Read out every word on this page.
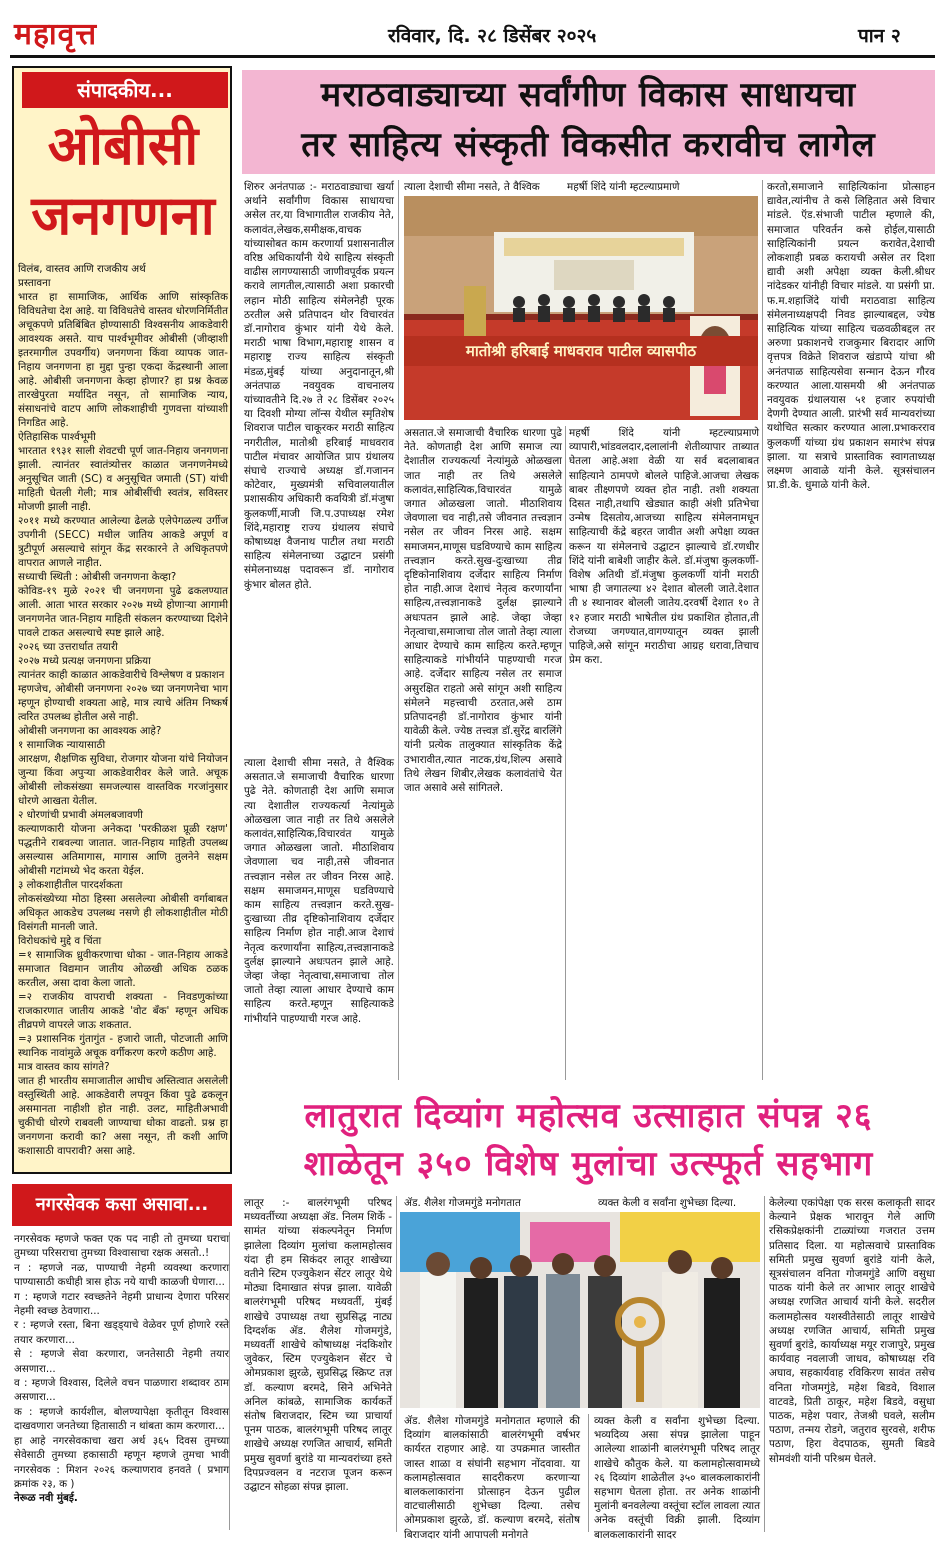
महावृत्त	रविवार, दि. २८ डिसेंबर २०२५	पान २
संपादकीय...
ओबीसी
जनगणना

विलंब, वास्तव आणि राजकीय अर्थ

प्रस्तावना

भारत हा सामाजिक, आर्थिक आणि सांस्कृतिक विविधतेचा देश आहे. या विविधतेचे वास्तव धोरणनिर्मितीत अचूकपणे प्रतिबिंबित होण्यासाठी विश्वसनीय आकडेवारी आवश्यक असते. याच पार्श्वभूमीवर ओबीसी (जीव्हाशी इतरमागील उपवर्गीय) जनगणना किंवा व्यापक जात-निहाय जनगणना हा मुद्दा पुन्हा एकदा केंद्रस्थानी आला आहे. ओबीसी जनगणना केव्हा होणार? हा प्रश्न केवळ तारखेपुरता मर्यादित नसून, तो सामाजिक न्याय, संसाधनांचे वाटप आणि लोकशाहीची गुणवत्ता यांच्याशी निगडित आहे.

ऐतिहासिक पार्श्वभूमी

भारतात १९३१ साली शेवटची पूर्ण जात-निहाय जनगणना झाली. त्यानंतर स्वातंत्र्योत्तर काळात जनगणनेमध्ये अनुसूचित जाती (SC) व अनुसूचित जमाती (ST) यांची माहिती घेतली गेली; मात्र ओबीसींची स्वतंत्र, सविस्तर मोजणी झाली नाही.

२०११ मध्ये करण्यात आलेल्या ढेलळे एलेपेगळल्य उर्गीज उपगीनी (SECC) मधील जातिय आकडे अपूर्ण व त्रुटीपूर्ण असल्याचे सांगून केंद्र सरकारने ते अधिकृतपणे वापरात आणले नाहीत.

सध्याची स्थिती : ओबीसी जनगणना केव्हा?

कोविड-१९ मुळे २०२१ ची जनगणना पुढे ढकलण्यात आली. आता भारत सरकार २०२७ मध्ये होणाऱ्या आगामी जनगणनेत जात-निहाय माहिती संकलन करण्याच्या दिशेने पावले टाकत असल्याचे स्पष्ट झाले आहे.

२०२६ च्या उत्तरार्धात तयारी

२०२७ मध्ये प्रत्यक्ष जनगणना प्रक्रिया

त्यानंतर काही काळात आकडेवारीचे विश्लेषण व प्रकाशन

म्हणजेच, ओबीसी जनगणना २०२७ च्या जनगणनेचा भाग म्हणून होण्याची शक्यता आहे, मात्र त्याचे अंतिम निष्कर्ष त्वरित उपलब्ध होतील असे नाही.

ओबीसी जनगणना का आवश्यक आहे?

१ सामाजिक न्यायासाठी

आरक्षण, शैक्षणिक सुविधा, रोजगार योजना यांचे नियोजन जुन्या किंवा अपुऱ्या आकडेवारीवर केले जाते. अचूक ओबीसी लोकसंख्या समजल्यास वास्तविक गरजांनुसार धोरणे आखता येतील.

२ धोरणांची प्रभावी अंमलबजावणी

कल्याणकारी योजना अनेकदा 'परकीळश प्रूळी रक्षण' पद्धतीने राबवल्या जातात. जात-निहाय माहिती उपलब्ध असल्यास अतिमागास, मागास आणि तुलनेने सक्षम ओबीसी गटांमध्ये भेद करता येईल.

३ लोकशाहीतील पारदर्शकता

लोकसंख्येच्या मोठा हिस्सा असलेल्या ओबीसी वर्गाबाबत अधिकृत आकडेच उपलब्ध नसणे ही लोकशाहीतील मोठी विसंगती मानली जाते.

विरोधकांचे मुद्दे व चिंता

=१ सामाजिक ध्रुवीकरणाचा धोका - जात-निहाय आकडे समाजात विद्यमान जातीय ओळखी अधिक ठळक करतील, असा दावा केला जातो.

=२ राजकीय वापराची शक्यता - निवडणुकांच्या राजकारणात जातीय आकडे 'वोट बँक' म्हणून अधिक तीव्रपणे वापरले जाऊ शकतात.

=३ प्रशासनिक गुंतागुंत - हजारो जाती, पोटजाती आणि स्थानिक नावांमुळे अचूक वर्गीकरण करणे कठीण आहे.

मात्र वास्तव काय सांगते?

जात ही भारतीय समाजातील आधीच अस्तित्वात असलेली वस्तुस्थिती आहे. आकडेवारी लपवून किंवा पुढे ढकलून असमानता नाहीशी होत नाही. उलट, माहितीअभावी चुकीची धोरणे राबवली जाण्याचा धोका वाढतो. प्रश्न हा जनगणना करावी का? असा नसून, ती कशी आणि कशासाठी वापरावी? असा आहे.

नगरसेवक कसा असावा...

नगरसेवक म्हणजे फक्त एक पद नाही तो तुमच्या घराचा तुमच्या परिसराचा तुमच्या विश्वासाचा रक्षक असतो..!

न : म्हणजे नळ, पाण्याची नेहमी व्यवस्था करणारा पाण्यासाठी कधीही त्रास होऊ नये याची काळजी घेणारा...

ग : म्हणजे गटार स्वच्छतेने नेहमी प्राधान्य देणारा परिसर नेहमी स्वच्छ ठेवणारा...

र : म्हणजे रस्ता, बिना खड्ड्याचे वेळेवर पूर्ण होणारे रस्ते तयार करणारा...

से : म्हणजे सेवा करणारा, जनतेसाठी नेहमी तयार असणारा...

व : म्हणजे विश्वास, दिलेले वचन पाळणारा शब्दावर ठाम असणारा...

क : म्हणजे कार्यशील, बोलण्यापेक्षा कृतीतून विश्वास दाखवणारा जनतेच्या हितासाठी न थांबता काम करणारा...

हा आहे नगरसेवकाचा खरा अर्थ ३६५ दिवस तुमच्या सेवेसाठी तुमच्या हकासाठी म्हणून म्हणजे तुमचा भावी नगरसेवक : मिशन २०२६ कल्याणराव हनवते ( प्रभाग क्रमांक २३, क )

नेरूळ नवी मुंबई.

मराठवाड्याच्या सर्वांगीण विकास साधायचा
तर साहित्य संस्कृती विकसीत करावीच लागेल
शिरुर अनंतपाळ :- मराठवाड्याचा खर्या अर्थाने सर्वांगीण विकास साधायचा असेल तर,या विभागातील राजकीय नेते, कलावंत,लेखक,समीक्षक,वाचक यांच्यासोबत काम करणार्या प्रशासनातील वरिष्ठ अधिकार्यांनी येथे साहित्य संस्कृती वाढीस लागण्यासाठी जाणीवपूर्वक प्रयत्न करावे लागतील,त्यासाठी अशा प्रकारची लहान मोठी साहित्य संमेलनेही पूरक ठरतील असे प्रतिपादन थोर विचारवंत डॉ.नागोराव कुंभार यांनी येथे केले. मराठी भाषा विभाग,महाराष्ट्र शासन व महाराष्ट्र राज्य साहित्य संस्कृती मंडळ,मुंबई यांच्या अनुदानातून,श्री अनंतपाळ नवयुवक वाचनालय यांच्यावतीने दि.२७ ते २८ डिसेंबर २०२५ या दिवशी मोग्या लॉन्स येथील स्मृतिशेष शिवराज पाटील चाकूरकर मराठी साहित्य नगरीतील, मातोश्री हरिबाई माधवराव पाटील मंचावर आयोजित प्राप ग्रंथालय संघाचे राज्याचे अध्यक्ष डॉ.गजानन कोटेवार, मुख्यमंत्री सचिवालयातील प्रशासकीय अधिकारी कवयित्री डॉ.मंजुषा कुलकर्णी,माजी जि.प.उपाध्यक्ष रमेश शिंदे,महाराष्ट्र राज्य ग्रंथालय संघाचे कोषाध्यक्ष वैजनाथ पाटील तथा मराठी साहित्य संमेलनाच्या उद्घाटन प्रसंगी संमेलनाध्यक्ष पदावरून डॉ. नागोराव कुंभार बोलत होते.
त्याला देशाची सीमा नसते, ते वैश्विक	महर्षी शिंदे यांनी म्हटल्याप्रमाणे
मातोश्री हरिबाई माधवराव पाटील व्यासपीठ
असतात.जे समाजाची वैचारिक धारणा पुढे नेते. कोणताही देश आणि समाज त्या देशातील राज्यकर्त्या नेत्यांमुळे ओळखला जात नाही तर तिथे असलेले कलावंत,साहित्यिक,विचारवंत यामुळे जगात ओळखला जातो. मीठाशिवाय जेवणाला चव नाही,तसे जीवनात तत्त्वज्ञान नसेल तर जीवन निरस आहे. सक्षम समाजमन,माणूस घडविण्याचे काम साहित्य तत्त्वज्ञान करते.सुख-दुःखाच्या तीव्र दृष्टिकोनाशिवाय दर्जेदार साहित्य निर्माण होत नाही.आज देशाचं नेतृत्व करणार्यांना साहित्य,तत्त्वज्ञानाकडे दुर्लक्ष झाल्याने अधःपतन झाले आहे. जेव्हा जेव्हा नेतृत्वाचा,समाजाचा तोल जातो तेव्हा त्याला आधार देण्याचे काम साहित्य करते.म्हणून साहित्याकडे गांभीर्याने पाहण्याची गरज आहे. दर्जेदार साहित्य नसेल तर समाज असुरक्षित राहतो असे सांगून अशी साहित्य संमेलने महत्त्वाची ठरतात,असे ठाम प्रतिपादनही डॉ.नागोराव कुंभार यांनी यावेळी केले. ज्येष्ठ तत्त्वज्ञ डॉ.सुरेंद्र बारलिंगे यांनी प्रत्येक तालुक्यात सांस्कृतिक केंद्रे उभारावीत,त्यात नाटक,ग्रंथ,शिल्प असावे तिथे लेखन शिबीर,लेखक कलावंतांचे येत जात असावे असे सांगितले.
महर्षी शिंदे यांनी म्हटल्याप्रमाणे व्यापारी,भांडवलदार,दलालांनी शेतीव्यापार ताब्यात घेतला आहे.अशा वेळी या सर्व बदलाबाबत साहित्याने ठामपणे बोलले पाहिजे.आजचा लेखक बाबर तीक्ष्णपणे व्यक्त होत नाही. तशी शक्यता दिसत नाही,तथापि खेड्यात काही अंशी प्रतिभेचा उन्मेष दिसतोय,आजच्या साहित्य संमेलनामधून साहित्याची केंद्रे बहरत जावीत अशी अपेक्षा व्यक्त करून या संमेलनाचे उद्घाटन झाल्याचे डॉ.रणधीर शिंदे यांनी बाबेशी जाहीर केले. डॉ.मंजुषा कुलकर्णी-विशेष अतिथी डॉ.मंजुषा कुलकर्णी यांनी मराठी भाषा ही जगातल्या ४२ देशात बोलली जाते.देशात ती ४ स्थानावर बोलली जातेय.दरवर्षी देशात १० ते १२ हजार मराठी भाषेतील ग्रंथ प्रकाशित होतात,ती रोजच्या जगण्यात,वागण्यातून व्यक्त झाली पाहिजे,असे सांगून मराठीचा आग्रह धरावा,तिचाच प्रेम करा.
करतो,समाजाने साहित्यिकांना प्रोत्साहन द्यावेत,त्यांनीच ते कसे लिहितात असे विचार मांडले. ऍड.संभाजी पाटील म्हणाले की, समाजात परिवर्तन कसे होईल,यासाठी साहित्यिकांनी प्रयत्न करावेत,देशाची लोकशाही प्रबळ करायची असेल तर दिशा द्यावी अशी अपेक्षा व्यक्त केली.श्रीधर नांदेडकर यांनीही विचार मांडले. या प्रसंगी प्रा. फ.म.शहाजिंदे यांची मराठवाडा साहित्य संमेलनाध्यक्षपदी निवड झाल्याबद्दल, ज्येष्ठ साहित्यिक यांच्या साहित्य चळवळीबद्दल तर अरुणा प्रकाशनचे राजकुमार बिरादार आणि वृत्तपत्र विक्रेते शिवराज खंडाप्पे यांचा श्री अनंतपाळ साहित्यसेवा सन्मान देऊन गौरव करण्यात आला.यासमयी श्री अनंतपाळ नवयुवक ग्रंथालयास ५१ हजार रुपयांची देणगी देण्यात आली. प्रारंभी सर्व मान्यवरांच्या यथोचित सत्कार करण्यात आला.प्रभाकरराव कुलकर्णी यांच्या ग्रंथ प्रकाशन समारंभ संपन्न झाला. या सत्राचे प्रास्ताविक स्वागताध्यक्ष लक्ष्मण आवाळे यांनी केले. सूत्रसंचालन प्रा.डी.के. धुमाळे यांनी केले.
त्याला देशाची सीमा नसते, ते वैश्विक असतात.जे समाजाची वैचारिक धारणा पुढे नेते. कोणताही देश आणि समाज त्या देशातील राज्यकर्त्या नेत्यांमुळे ओळखला जात नाही तर तिथे असलेले कलावंत,साहित्यिक,विचारवंत यामुळे जगात ओळखला जातो. मीठाशिवाय जेवणाला चव नाही,तसे जीवनात तत्त्वज्ञान नसेल तर जीवन निरस आहे. सक्षम समाजमन,माणूस घडविण्याचे काम साहित्य तत्त्वज्ञान करते.सुख-दुःखाच्या तीव्र दृष्टिकोनाशिवाय दर्जेदार साहित्य निर्माण होत नाही.आज देशाचं नेतृत्व करणार्यांना साहित्य,तत्त्वज्ञानाकडे दुर्लक्ष झाल्याने अधःपतन झाले आहे. जेव्हा जेव्हा नेतृत्वाचा,समाजाचा तोल जातो तेव्हा त्याला आधार देण्याचे काम साहित्य करते.म्हणून साहित्याकडे गांभीर्याने पाहण्याची गरज आहे.
लातुरात दिव्यांग महोत्सव उत्साहात संपन्न २६
शाळेतून ३५० विशेष मुलांचा उत्स्फूर्त सहभाग
लातूर :- बालरंगभूमी परिषद मध्यवर्तीच्या अध्यक्षा ॲड. निलम शिर्के - सामंत यांच्या संकल्पनेतून निर्माण झालेला दिव्यांग मुलांचा कलामहोत्सव यंदा ही हम सिकंदर लातूर शाखेच्या वतीने स्टिम एज्युकेशन सेंटर लातूर येथे मोठ्या दिमाखात संपन्न झाला. यावेळी बालरंगभूमी परिषद मध्यवर्ती, मुंबई शाखेचे उपाध्यक्ष तथा सुप्रसिद्ध नाट्य दिग्दर्शक ॲड. शैलेश गोजमगुंडे, मध्यवर्ती शाखेचे कोषाध्यक्ष नंदकिशोर जुवेकर, स्टिम एज्युकेशन सेंटर चे ओमप्रकाश झुरळे, सुप्रसिद्ध स्क्रिप्ट तज्ञ डॉ. कल्याण बरमदे, सिने अभिनेते अनिल कांबळे, सामाजिक कार्यकर्ते संतोष बिराजदार, स्टिम च्या प्राचार्या पूनम पाठक, बालरंगभूमी परिषद लातूर शाखेचे अध्यक्ष रणजित आचार्य, समिती प्रमुख सुवर्णा बुरांडे या मान्यवरांच्या हस्ते दिपप्रज्वलन व नटराज पूजन करून उद्घाटन सोहळा संपन्न झाला.
ॲड. शैलेश गोजमगुंडे मनोगतात	व्यक्त केली व सर्वांना शुभेच्छा दिल्या.
ॲड. शैलेश गोजमगुंडे मनोगतात म्हणाले की दिव्यांग बालकांसाठी बालरंगभूमी वर्षभर कार्यरत राहणार आहे. या उपक्रमात जास्तीत जास्त शाळा व संघांनी सहभाग नोंदवावा. या कलामहोत्सवात सादरीकरण करणाऱ्या बालकलाकारांना प्रोत्साहन देऊन पुढील वाटचालीसाठी शुभेच्छा दिल्या. तसेच ओमप्रकाश झुरळे, डॉ. कल्याण बरमदे, संतोष बिराजदार यांनी आपापली मनोगते
व्यक्त केली व सर्वांना शुभेच्छा दिल्या. भव्यदिव्य असा संपन्न झालेला पाहून आलेल्या शाळांनी बालरंगभूमी परिषद लातूर शाखेचे कौतुक केले. या कलामहोत्सवामध्ये २६ दिव्यांग शाळेतील ३५० बालकलाकारांनी सहभाग घेतला होता. तर अनेक शाळांनी मुलांनी बनवलेल्या वस्तूंचा स्टॉल लावला त्यात अनेक वस्तूंची विक्री झाली. दिव्यांग बालकलाकारांनी सादर
केलेल्या एकांपेक्षा एक सरस कलाकृती सादर केल्याने प्रेक्षक भारावून गेले आणि रसिकप्रेक्षकांनी टाळ्यांच्या गजरात उत्तम प्रतिसाद दिला. या महोत्सवाचे प्रास्ताविक समिती प्रमुख सुवर्णा बुरांडे यांनी केले, सूत्रसंचालन वनिता गोजमगुंडे आणि वसुधा पाठक यांनी केले तर आभार लातूर शाखेचे अध्यक्ष रणजित आचार्य यांनी केले. सदरील कलामहोत्सव यशस्वीतेसाठी लातूर शाखेचे अध्यक्ष रणजित आचार्य, समिती प्रमुख सुवर्णा बुरांडे, कार्याध्यक्ष मयूर राजापुरे, प्रमुख कार्यवाह नवलाजी जाधव, कोषाध्यक्ष रवि अघाव, सहकार्यवाह रविकिरण सावंत तसेच वनिता गोजमगुंडे, महेश बिडवे, विशाल वाटवडे, प्रिती ठाकूर, महेश बिडवे, वसुधा पाठक, महेश पवार, तेजश्री घवले, सलीम पठाण, तन्मय रोडगे, जतुराव सुरवसे, शरीफ पठाण, हिरा वेदपाठक, सुमती बिडवे सोमवंशी यांनी परिश्रम घेतले.
